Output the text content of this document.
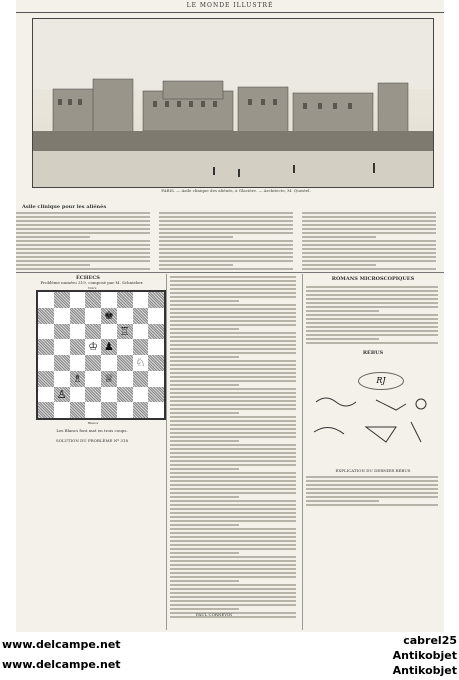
LE MONDE ILLUSTRÉ
PARIS. — Asile clinique des aliénés, à Glacière. — Architecte, M. Questel.
Asile clinique pour les aliénés
ÉCHECS
Problème numéro 319, composé par M. Schnieber.
Noirs
♔
♖
♟
♕
♗
♘
♙
♚
Blancs
Les Blancs font mat en trois coups.
SOLUTION DU PROBLÈME Nº 318
ROMANS MICROSCOPIQUES
RÉBUS
RJ
EXPLICATION DU DERNIER RÉBUS
PAUL CORNEVIN
www.delcampe.net
www.delcampe.net
cabrel25
Antikobjet
Antikobjet
